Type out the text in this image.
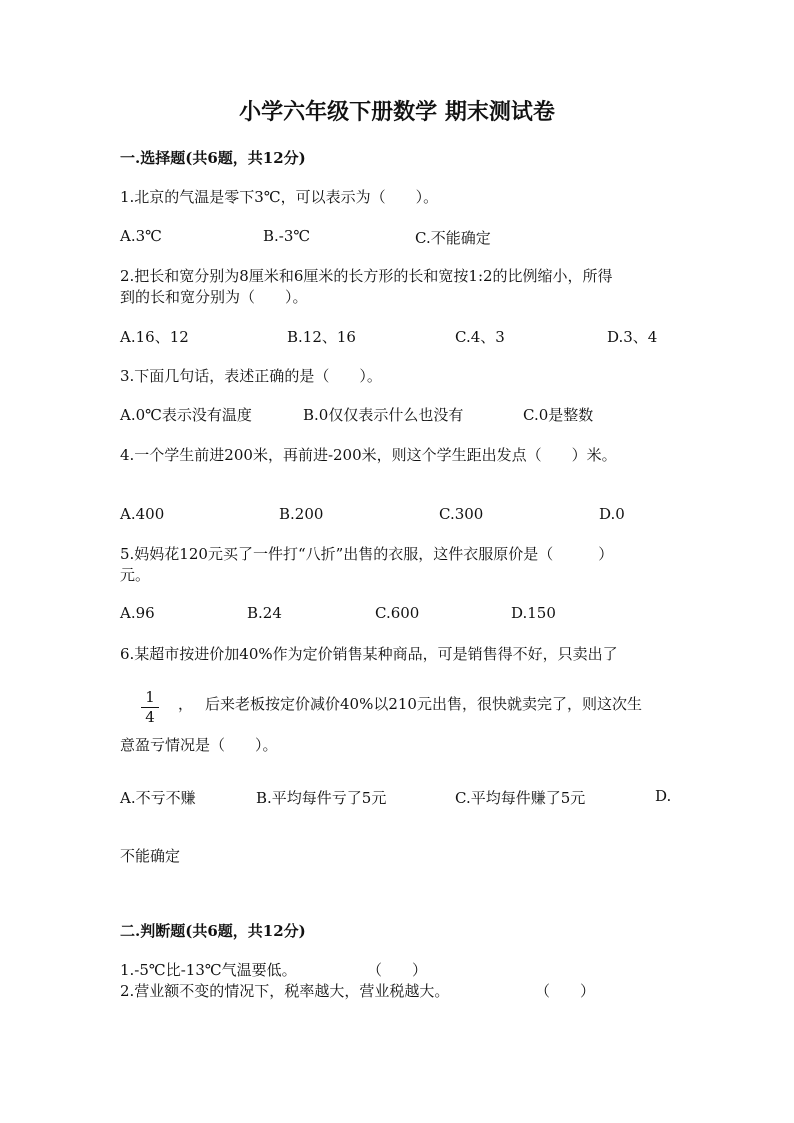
小学六年级下册数学 期末测试卷
一.选择题(共6题，共12分)
1.北京的气温是零下3℃，可以表示为（　　）。
A.3℃	B.-3℃	C.不能确定
2.把长和宽分别为8厘米和6厘米的长方形的长和宽按1:2的比例缩小，所得
到的长和宽分别为（　　）。
A.16、12	B.12、16	C.4、3	D.3、4
3.下面几句话，表述正确的是（　　）。
A.0℃表示没有温度	B.0仅仅表示什么也没有	C.0是整数
4.一个学生前进200米，再前进-200米，则这个学生距出发点（　　）米。
A.400	B.200	C.300	D.0
5.妈妈花120元买了一件打“八折”出售的衣服，这件衣服原价是（　　　）
元。
A.96	B.24	C.600	D.150
6.某超市按进价加40%作为定价销售某种商品，可是销售得不好，只卖出了
1
4
， 后来老板按定价减价40%以210元出售，很快就卖完了，则这次生
意盈亏情况是（　　）。
A.不亏不赚	B.平均每件亏了5元	C.平均每件赚了5元	D.
不能确定
二.判断题(共6题，共12分)
1.-5℃比-13℃气温要低。	（　　）
2.营业额不变的情况下，税率越大，营业税越大。	（　　）
